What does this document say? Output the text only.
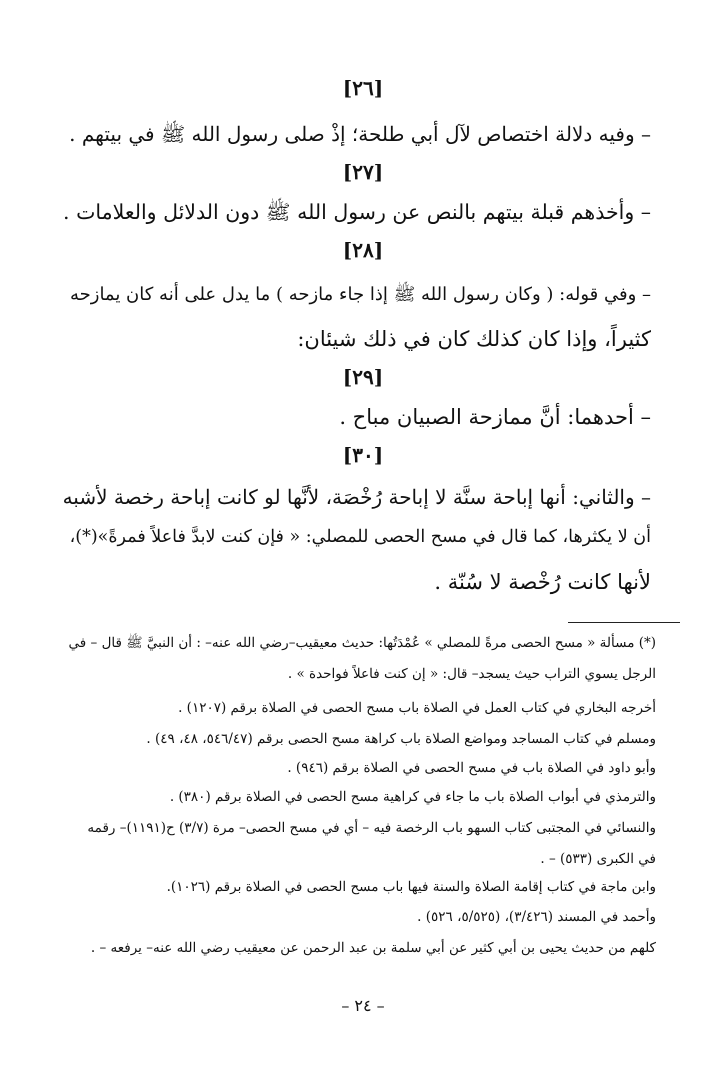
[٢٦]
– وفيه دلالة اختصاص لآل أبي طلحة؛ إذْ صلى رسول الله ﷺ في بيتهم .
[٢٧]
– وأخذهم قبلة بيتهم بالنص عن رسول الله ﷺ دون الدلائل والعلامات .
[٢٨]
– وفي قوله: ( وكان رسول الله ﷺ إذا جاء مازحه ) ما يدل على أنه كان يمازحه
كثيراً، وإذا كان كذلك كان في ذلك شيئان:
[٢٩]
– أحدهما: أنَّ ممازحة الصبيان مباح .
[٣٠]
– والثاني: أنها إباحة سنَّة لا إباحة رُخْصَة، لأنَّها لو كانت إباحة رخصة لأشبه
أن لا يكثرها، كما قال في مسح الحصى للمصلي: « فإن كنت لابدَّ فاعلاً فمرةً»(*)،
لأنها كانت رُخْصة لا سُنّة .
(*) مسألة « مسح الحصى مرةً للمصلي » عُمْدَتُها: حديث معيقيب–رضي الله عنه– : أن النبيَّ ﷺ قال – في
الرجل يسوي التراب حيث يسجد– قال: « إن كنت فاعلاً فواحدة » .
أخرجه البخاري في كتاب العمل في الصلاة باب مسح الحصى في الصلاة برقم (١٢٠٧) .
ومسلم في كتاب المساجد ومواضع الصلاة باب كراهة مسح الحصى برقم (٥٤٦/٤٧، ٤٨، ٤٩) .
وأبو داود في الصلاة باب في مسح الحصى في الصلاة برقم (٩٤٦) .
والترمذي في أبواب الصلاة باب ما جاء في كراهية مسح الحصى في الصلاة برقم (٣٨٠) .
والنسائي في المجتبى كتاب السهو باب الرخصة فيه – أي في مسح الحصى– مرة (٣/٧) ح(١١٩١)– رقمه
في الكبرى (٥٣٣) – .
وابن ماجة في كتاب إقامة الصلاة والسنة فيها باب مسح الحصى في الصلاة برقم (١٠٢٦).
وأحمد في المسند (٣/٤٢٦)، (٥/٥٢٥، ٥٢٦) .
كلهم من حديث يحيى بن أبي كثير عن أبي سلمة بن عبد الرحمن عن معيقيب رضي الله عنه– يرفعه – .
– ٢٤ –
